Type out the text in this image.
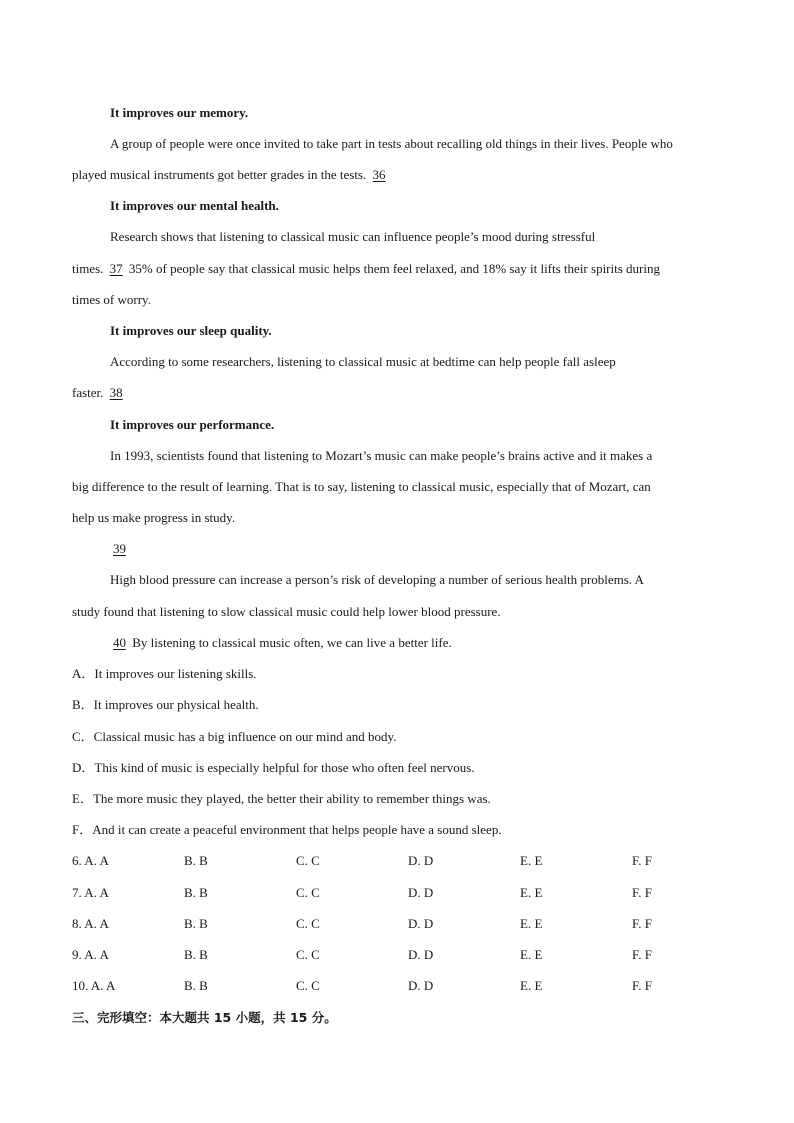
It improves our memory.
A group of people were once invited to take part in tests about recalling old things in their lives. People who
played musical instruments got better grades in the tests. 36
It improves our mental health.
Research shows that listening to classical music can influence people’s mood during stressful
times. 37 35% of people say that classical music helps them feel relaxed, and 18% say it lifts their spirits during
times of worry.
It improves our sleep quality.
According to some researchers, listening to classical music at bedtime can help people fall asleep
faster. 38
It improves our performance.
In 1993, scientists found that listening to Mozart’s music can make people’s brains active and it makes a
big difference to the result of learning. That is to say, listening to classical music, especially that of Mozart, can
help us make progress in study.
39
High blood pressure can increase a person’s risk of developing a number of serious health problems. A
study found that listening to slow classical music could help lower blood pressure.
40 By listening to classical music often, we can live a better life.
A．It improves our listening skills.
B．It improves our physical health.
C．Classical music has a big influence on our mind and body.
D．This kind of music is especially helpful for those who often feel nervous.
E．The more music they played, the better their ability to remember things was.
F．And it can create a peaceful environment that helps people have a sound sleep.
6. A. A	B. B	C. C	D. D	E. E	F. F
7. A. A	B. B	C. C	D. D	E. E	F. F
8. A. A	B. B	C. C	D. D	E. E	F. F
9. A. A	B. B	C. C	D. D	E. E	F. F
10. A. A	B. B	C. C	D. D	E. E	F. F
三、完形填空：本大题共 15 小题，共 15 分。
